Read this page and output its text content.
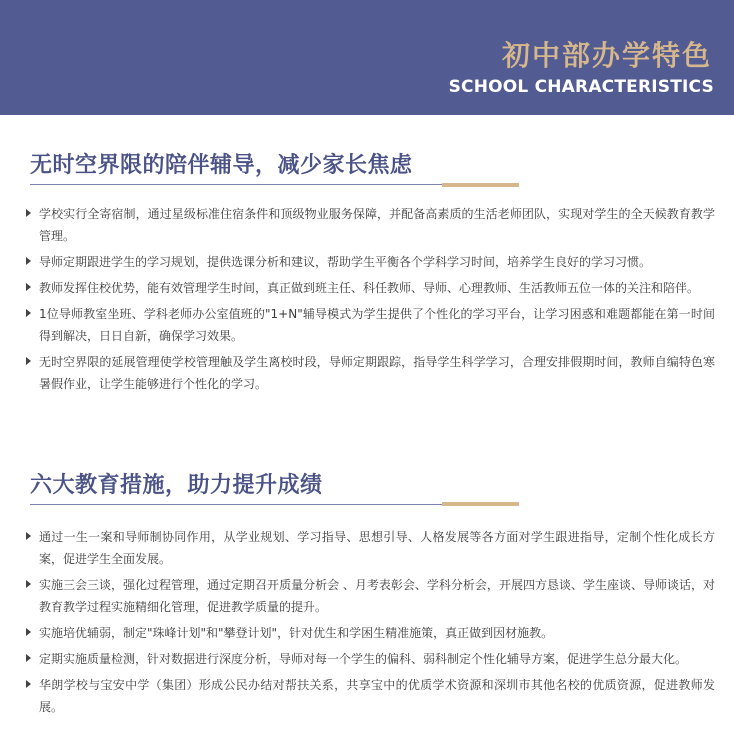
初中部办学特色
SCHOOL CHARACTERISTICS
无时空界限的陪伴辅导，减少家长焦虑
学校实行全寄宿制，通过星级标准住宿条件和顶级物业服务保障，并配备高素质的生活老师团队，实现对学生的全天候教育教学管理。
导师定期跟进学生的学习规划，提供选课分析和建议，帮助学生平衡各个学科学习时间，培养学生良好的学习习惯。
教师发挥住校优势，能有效管理学生时间，真正做到班主任、科任教师、导师、心理教师、生活教师五位一体的关注和陪伴。
1位导师教室坐班、学科老师办公室值班的"1+N"辅导模式为学生提供了个性化的学习平台，让学习困惑和难题都能在第一时间得到解决，日日自新，确保学习效果。
无时空界限的延展管理使学校管理触及学生离校时段，导师定期跟踪，指导学生科学学习，合理安排假期时间，教师自编特色寒暑假作业，让学生能够进行个性化的学习。
六大教育措施，助力提升成绩
通过一生一案和导师制协同作用，从学业规划、学习指导、思想引导、人格发展等各方面对学生跟进指导，定制个性化成长方案，促进学生全面发展。
实施三会三谈，强化过程管理，通过定期召开质量分析会 、月考表彰会、学科分析会，开展四方恳谈、学生座谈、导师谈话，对教育教学过程实施精细化管理，促进教学质量的提升。
实施培优辅弱，制定"珠峰计划"和"攀登计划"，针对优生和学困生精准施策，真正做到因材施教。
定期实施质量检测，针对数据进行深度分析，导师对每一个学生的偏科、弱科制定个性化辅导方案，促进学生总分最大化。
华朗学校与宝安中学（集团）形成公民办结对帮扶关系，共享宝中的优质学术资源和深圳市其他名校的优质资源，促进教师发展。
